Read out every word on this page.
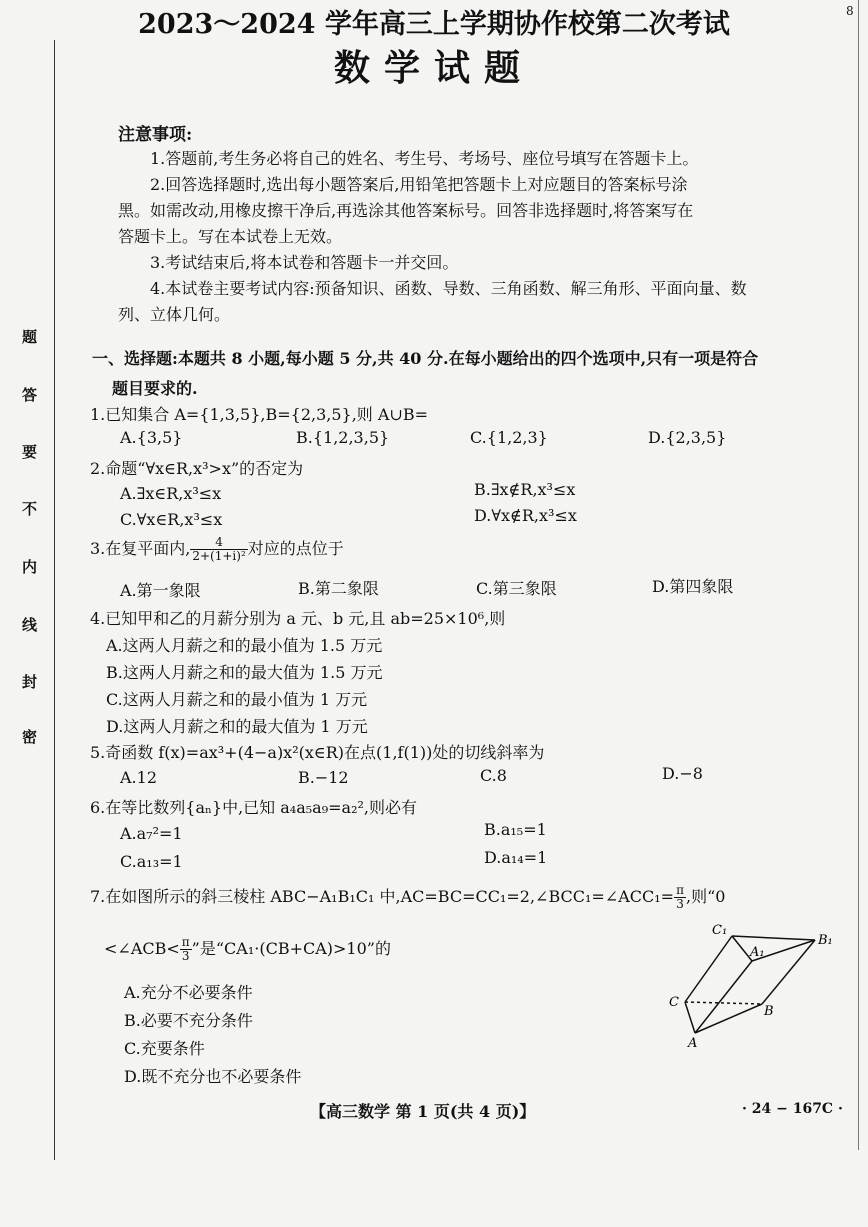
题
答
要
不
内
线
封
密
8
2023～2024 学年高三上学期协作校第二次考试
数学试题
注意事项:
1.答题前,考生务必将自己的姓名、考生号、考场号、座位号填写在答题卡上。
2.回答选择题时,选出每小题答案后,用铅笔把答题卡上对应题目的答案标号涂
黑。如需改动,用橡皮擦干净后,再选涂其他答案标号。回答非选择题时,将答案写在
答题卡上。写在本试卷上无效。
3.考试结束后,将本试卷和答题卡一并交回。
4.本试卷主要考试内容:预备知识、函数、导数、三角函数、解三角形、平面向量、数
列、立体几何。
一、选择题:本题共 8 小题,每小题 5 分,共 40 分.在每小题给出的四个选项中,只有一项是符合
题目要求的.
1.已知集合 A={1,3,5},B={2,3,5},则 A∪B=
A.{3,5}	B.{1,2,3,5}	C.{1,2,3}	D.{2,3,5}
2.命题“∀x∈R,x³>x”的否定为
A.∃x∈R,x³≤x	B.∃x∉R,x³≤x
C.∀x∈R,x³≤x	D.∀x∉R,x³≤x
3.在复平面内, $\frac{4}{\text{2+(1+i)²}}$ 对应的点位于
A.第一象限	B.第二象限	C.第三象限	D.第四象限
4.已知甲和乙的月薪分别为 a 元、b 元,且 ab=25×10⁶,则
A.这两人月薪之和的最小值为 1.5 万元
B.这两人月薪之和的最大值为 1.5 万元
C.这两人月薪之和的最小值为 1 万元
D.这两人月薪之和的最大值为 1 万元
5.奇函数 f(x)=ax³+(4−a)x²(x∈R)在点(1,f(1))处的切线斜率为
A.12	B.−12	C.8	D.−8
6.在等比数列{aₙ}中,已知 a₄a₅a₉=a₂²,则必有
A.a₇²=1	B.a₁₅=1
C.a₁₃=1	D.a₁₄=1
7.在如图所示的斜三棱柱 ABC−A₁B₁C₁ 中,AC=BC=CC₁=2,∠BCC₁=∠ACC₁= $\frac{\pi}{3}$ ,则“0
<∠ACB< $\frac{\pi}{3}$ ”是“CA₁·(CB+CA)>10”的
A.充分不必要条件
B.必要不充分条件
C.充要条件
D.既不充分也不必要条件
C₁
A₁
B₁
C
B
A
【高三数学 第 1 页(共 4 页)】	· 24 − 167C ·
